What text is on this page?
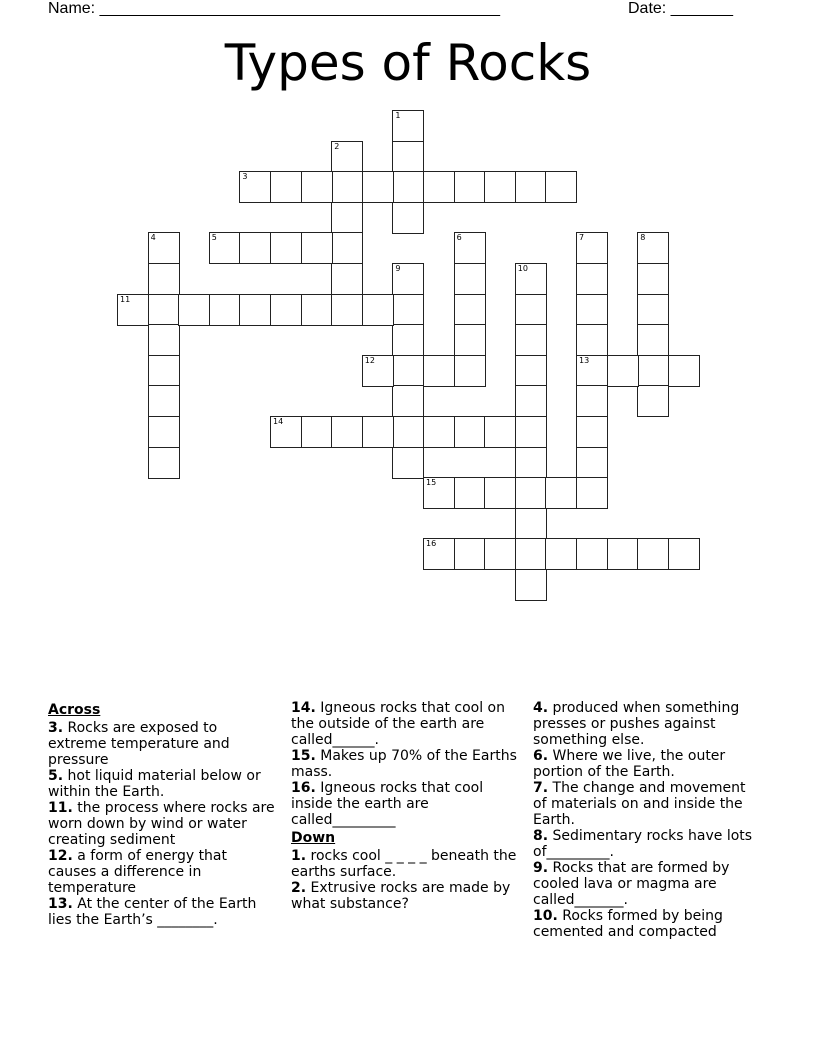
Name: _____________________________________________	Date: _______
Types of Rocks
1
2
3
4	5	6	7
13
8
9	10
11
12
14
15
16
Across
3. Rocks are exposed to extreme temperature and pressure
5. hot liquid material below or within the Earth.
11. the process where rocks are worn down by wind or water creating sediment
12. a form of energy that causes a difference in temperature
13. At the center of the Earth lies the Earth’s ________.
14. Igneous rocks that cool on the outside of the earth are called______.
15. Makes up 70% of the Earths mass.
16. Igneous rocks that cool inside the earth are called_________
Down
1. rocks cool _ _ _ _ beneath the earths surface.
2. Extrusive rocks are made by what substance?
4. produced when something presses or pushes against something else.
6. Where we live, the outer portion of the Earth.
7. The change and movement of materials on and inside the Earth.
8. Sedimentary rocks have lots of_________.
9. Rocks that are formed by cooled lava or magma are called_______.
10. Rocks formed by being cemented and compacted
